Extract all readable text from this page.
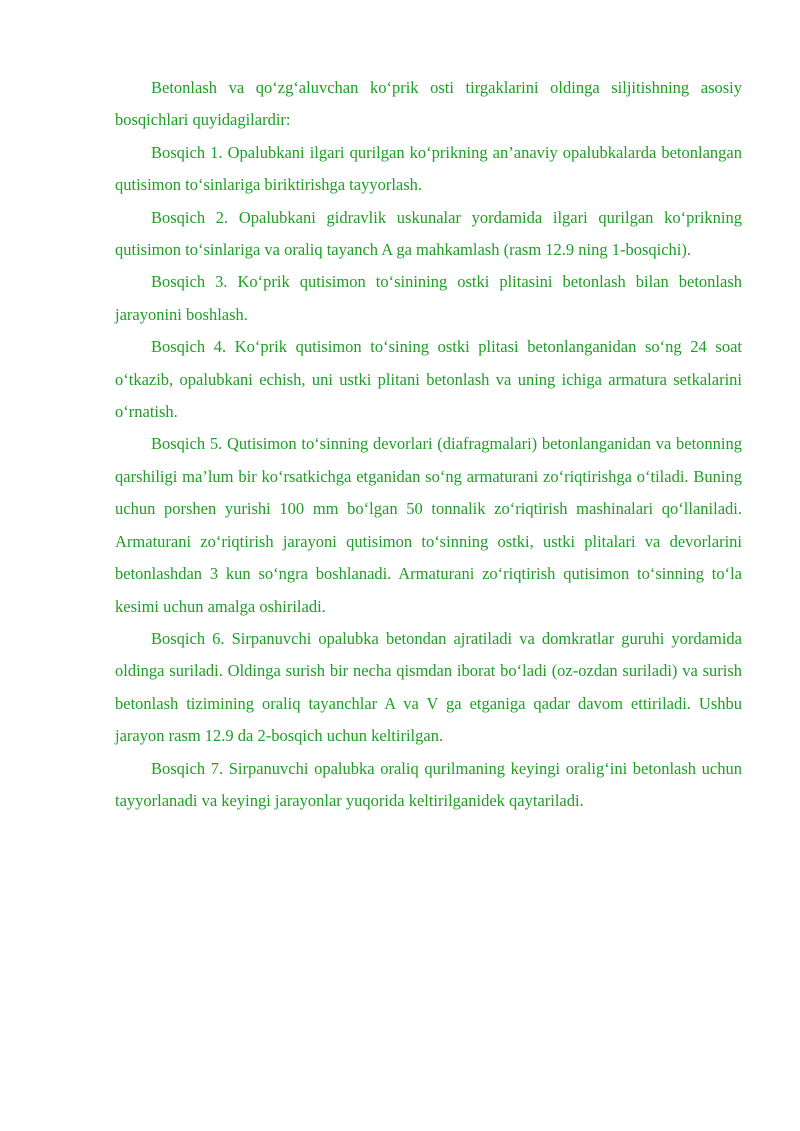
Betonlash va qo‘zg‘aluvchan ko‘prik osti tirgaklarini oldinga siljitishning asosiy bosqichlari quyidagilardir:

Bosqich 1. Opalubkani ilgari qurilgan ko‘prikning an’anaviy opalubkalarda betonlangan qutisimon to‘sinlariga biriktirishga tayyorlash.

Bosqich 2. Opalubkani gidravlik uskunalar yordamida ilgari qurilgan ko‘prikning qutisimon to‘sinlariga va oraliq tayanch A ga mahkamlash (rasm 12.9 ning 1-bosqichi).

Bosqich 3. Ko‘prik qutisimon to‘sinining ostki plitasini betonlash bilan betonlash jarayonini boshlash.

Bosqich 4. Ko‘prik qutisimon to‘sining ostki plitasi betonlanganidan so‘ng 24 soat o‘tkazib, opalubkani echish, uni ustki plitani betonlash va uning ichiga armatura setkalarini o‘rnatish.

Bosqich 5. Qutisimon to‘sinning devorlari (diafragmalari) betonlanganidan va betonning qarshiligi ma’lum bir ko‘rsatkichga etganidan so‘ng armaturani zo‘riqtirishga o‘tiladi. Buning uchun porshen yurishi 100 mm bo‘lgan 50 tonnalik zo‘riqtirish mashinalari qo‘llaniladi. Armaturani zo‘riqtirish jarayoni qutisimon to‘sinning ostki, ustki plitalari va devorlarini betonlashdan 3 kun so‘ngra boshlanadi. Armaturani zo‘riqtirish qutisimon to‘sinning to‘la kesimi uchun amalga oshiriladi.

Bosqich 6. Sirpanuvchi opalubka betondan ajratiladi va domkratlar guruhi yordamida oldinga suriladi. Oldinga surish bir necha qismdan iborat bo‘ladi (oz-ozdan suriladi) va surish betonlash tizimining oraliq tayanchlar A va V ga etganiga qadar davom ettiriladi. Ushbu jarayon rasm 12.9 da 2-bosqich uchun keltirilgan.

Bosqich 7. Sirpanuvchi opalubka oraliq qurilmaning keyingi oralig‘ini betonlash uchun tayyorlanadi va keyingi jarayonlar yuqorida keltirilganidek qaytariladi.
